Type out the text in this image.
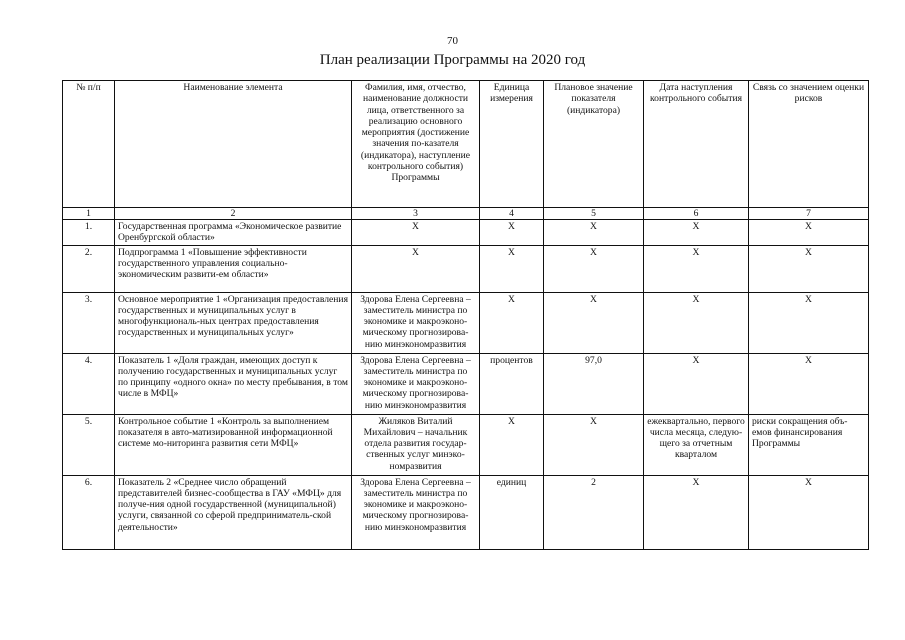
70
План реализации Программы на 2020 год
№ п/п	Наименование элемента	Фамилия, имя, отчество, наименование должности лица, ответственного за реализацию основного мероприятия (достижение значения по-казателя (индикатора), наступление контрольного события) Программы	Единица измерения	Плановое значение показателя (индикатора)	Дата наступления контрольного события	Связь со значением оценки рисков
1	2	3	4	5	6	7
1.	Государственная программа «Экономическое развитие Оренбургской области»	Х	Х	Х	Х	Х
2.	Подпрограмма 1 «Повышение эффективности государственного управления социально-экономическим развити-ем области»	Х	Х	Х	Х	Х
3.	Основное мероприятие 1 «Организация предоставления государственных и муниципальных услуг в многофункциональ-ных центрах предоставления государственных и муниципальных услуг»	Здорова Елена Сергеевна – заместитель министра по экономике и макроэконо-мическому прогнозирова-нию минэкономразвития	Х	Х	Х	Х
4.	Показатель 1 «Доля граждан, имеющих доступ к получению государственных и муниципальных услуг по принципу «одного окна» по месту пребывания, в том числе в МФЦ»	Здорова Елена Сергеевна – заместитель министра по экономике и макроэконо-мическому прогнозирова-нию минэкономразвития	процентов	97,0	Х	Х
5.	Контрольное событие 1 «Контроль за выполнением показателя в авто-матизированной информационной системе мо-ниторинга развития сети МФЦ»	Жиляков Виталий Михайлович – начальник отдела развития государ-ственных услуг минэко-номразвития	Х	Х	ежеквартально, первого числа месяца, следую-щего за отчетным кварталом	риски сокращения объ-емов финансирования Программы
6.	Показатель 2 «Среднее число обращений представителей бизнес-сообщества в ГАУ «МФЦ» для получе-ния одной государственной (муниципальной) услуги, связанной со сферой предприниматель-ской деятельности»	Здорова Елена Сергеевна – заместитель министра по экономике и макроэконо-мическому прогнозирова-нию минэкономразвития	единиц	2	Х	Х
